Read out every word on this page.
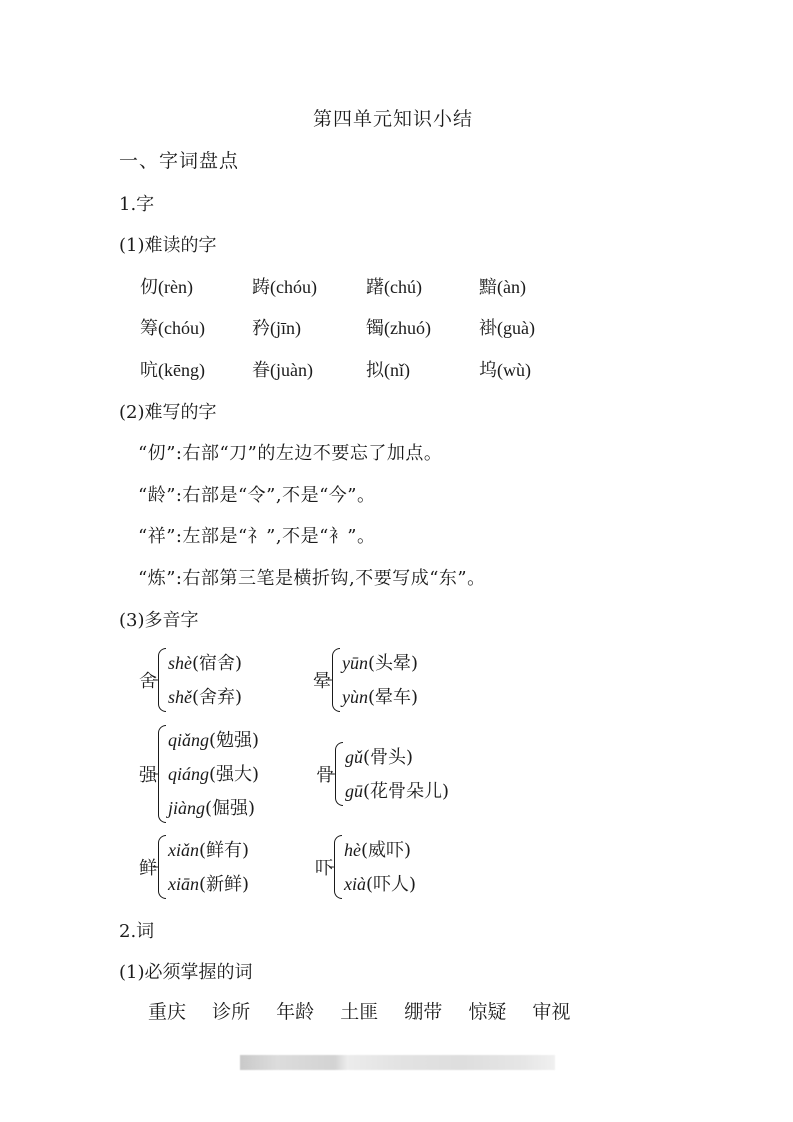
第四单元知识小结
一、字词盘点
1.字
(1)难读的字
仞(rèn)	踌(chóu)	躇(chú)	黯(àn)
筹(chóu)	矜(jīn)	镯(zhuó)	褂(guà)
吭(kēng)	眷(juàn)	拟(nǐ)	坞(wù)
(2)难写的字
“仞”:右部“刀”的左边不要忘了加点。
“龄”:右部是“令”,不是“今”。
“祥”:左部是“礻”,不是“衤”。
“炼”:右部第三笔是横折钩,不要写成“东”。
(3)多音字
舍
shè(宿舍)
shě(舍弃)
晕
yūn(头晕)
yùn(晕车)
强
qiǎng(勉强)
qiáng(强大)
jiàng(倔强)
骨
gǔ(骨头)
gū(花骨朵儿)
鲜
xiǎn(鲜有)
xiān(新鲜)
吓
hè(威吓)
xià(吓人)
2.词
(1)必须掌握的词
重庆 诊所 年龄 土匪 绷带 惊疑 审视
